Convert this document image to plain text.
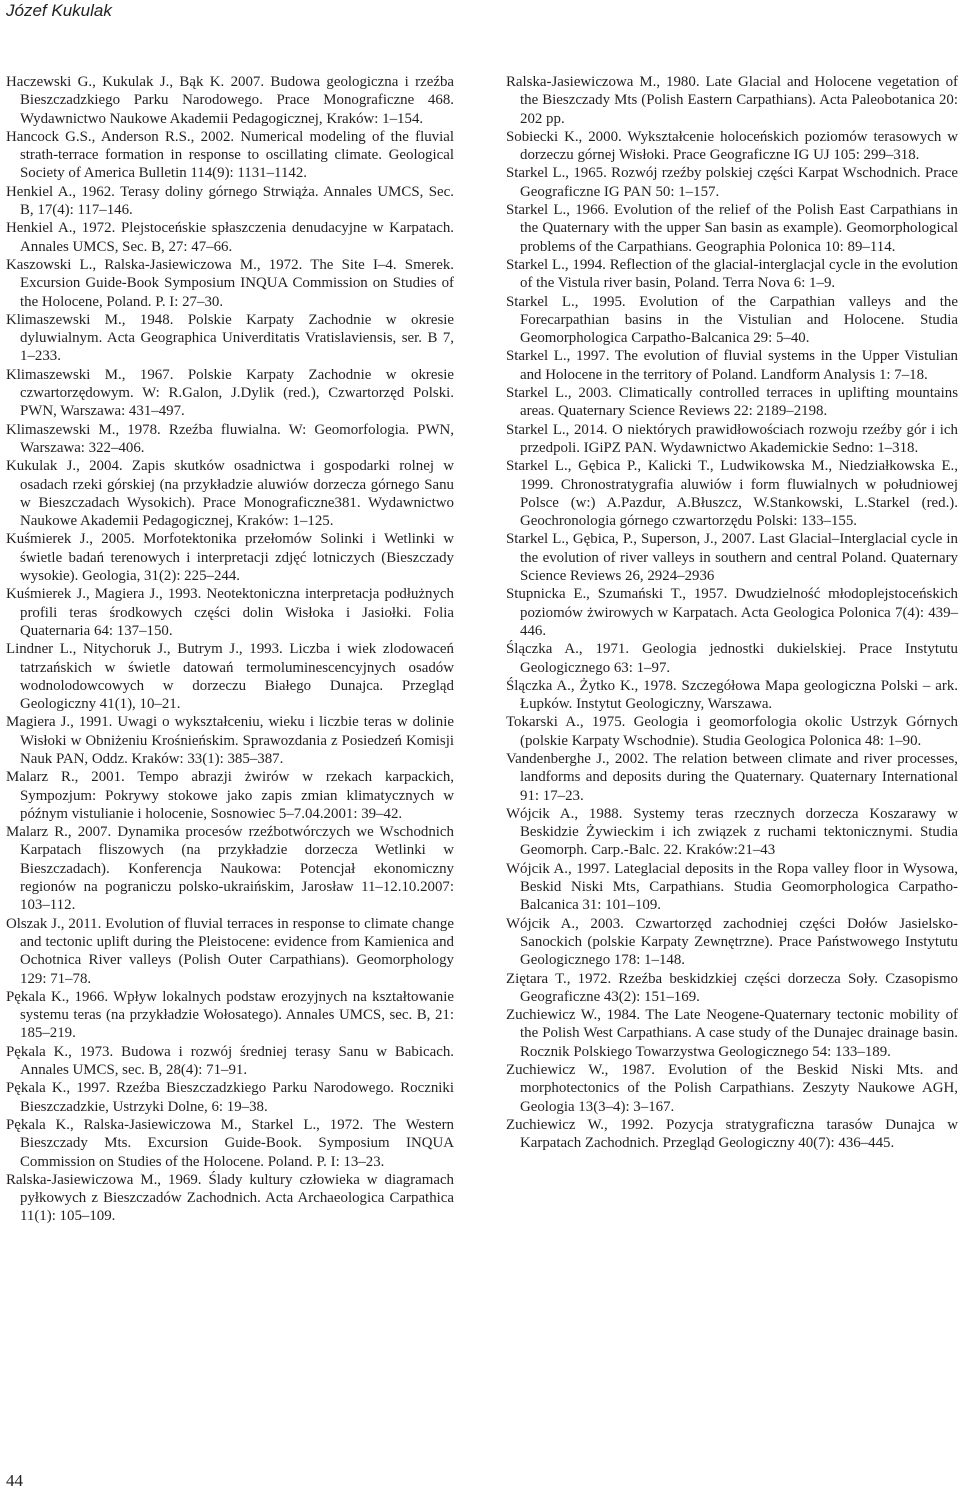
Józef Kukulak

Haczewski G., Kukulak J., Bąk K. 2007. Budowa geologiczna i rzeźba Bieszczadzkiego Parku Narodowego. Prace Monograficzne 468. Wydawnictwo Naukowe Akademii Pedagogicznej, Kraków: 1–154.

Hancock G.S., Anderson R.S., 2002. Numerical modeling of the fluvial strath-terrace formation in response to oscillating climate. Geological Society of America Bulletin 114(9): 1131–1142.

Henkiel A., 1962. Terasy doliny górnego Strwiąża. Annales UMCS, Sec. B, 17(4): 117–146.

Henkiel A., 1972. Plejstoceńskie spłaszczenia denudacyjne w Karpatach. Annales UMCS, Sec. B, 27: 47–66.

Kaszowski L., Ralska-Jasiewiczowa M., 1972. The Site I–4. Smerek. Excursion Guide-Book Symposium INQUA Commission on Studies of the Holocene, Poland. P. I: 27–30.

Klimaszewski M., 1948. Polskie Karpaty Zachodnie w okresie dyluwialnym. Acta Geographica Univerditatis Vratislaviensis, ser. B 7, 1–233.

Klimaszewski M., 1967. Polskie Karpaty Zachodnie w okresie czwartorzędowym. W: R.Galon, J.Dylik (red.), Czwartorzęd Polski. PWN, Warszawa: 431–497.

Klimaszewski M., 1978. Rzeźba fluwialna. W: Geomorfologia. PWN, Warszawa: 322–406.

Kukulak J., 2004. Zapis skutków osadnictwa i gospodarki rolnej w osadach rzeki górskiej (na przykładzie aluwiów dorzecza górnego Sanu w Bieszczadach Wysokich). Prace Monograficzne381. Wydawnictwo Naukowe Akademii Pedagogicznej, Kraków: 1–125.

Kuśmierek J., 2005. Morfotektonika przełomów Solinki i Wetlinki w świetle badań terenowych i interpretacji zdjęć lotniczych (Bieszczady wysokie). Geologia, 31(2): 225–244.

Kuśmierek J., Magiera J., 1993. Neotektoniczna interpretacja podłużnych profili teras środkowych części dolin Wisłoka i Jasiołki. Folia Quaternaria 64: 137–150.

Lindner L., Nitychoruk J., Butrym J., 1993. Liczba i wiek zlodowaceń tatrzańskich w świetle datowań termoluminescencyjnych osadów wodnolodowcowych w dorzeczu Białego Dunajca. Przegląd Geologiczny 41(1), 10–21.

Magiera J., 1991. Uwagi o wykształceniu, wieku i liczbie teras w dolinie Wisłoki w Obniżeniu Krośnieńskim. Sprawozdania z Posiedzeń Komisji Nauk PAN, Oddz. Kraków: 33(1): 385–387.

Malarz R., 2001. Tempo abrazji żwirów w rzekach karpackich, Sympozjum: Pokrywy stokowe jako zapis zmian klimatycznych w późnym vistulianie i holocenie, Sosnowiec 5–7.04.2001: 39–42.

Malarz R., 2007. Dynamika procesów rzeźbotwórczych we Wschodnich Karpatach fliszowych (na przykładzie dorzecza Wetlinki w Bieszczadach). Konferencja Naukowa: Potencjał ekonomiczny regionów na pograniczu polsko-ukraińskim, Jarosław 11–12.10.2007: 103–112.

Olszak J., 2011. Evolution of fluvial terraces in response to climate change and tectonic uplift during the Pleistocene: evidence from Kamienica and Ochotnica River valleys (Polish Outer Carpathians). Geomorphology 129: 71–78.

Pękala K., 1966. Wpływ lokalnych podstaw erozyjnych na kształtowanie systemu teras (na przykładzie Wołosatego). Annales UMCS, sec. B, 21: 185–219.

Pękala K., 1973. Budowa i rozwój średniej terasy Sanu w Babicach. Annales UMCS, sec. B, 28(4): 71–91.

Pękala K., 1997. Rzeźba Bieszczadzkiego Parku Narodowego. Roczniki Bieszczadzkie, Ustrzyki Dolne, 6: 19–38.

Pękala K., Ralska-Jasiewiczowa M., Starkel L., 1972. The Western Bieszczady Mts. Excursion Guide-Book. Symposium INQUA Commission on Studies of the Holocene. Poland. P. I: 13–23.

Ralska-Jasiewiczowa M., 1969. Ślady kultury człowieka w diagramach pyłkowych z Bieszczadów Zachodnich. Acta Archaeologica Carpathica 11(1): 105–109.

Ralska-Jasiewiczowa M., 1980. Late Glacial and Holocene vegetation of the Bieszczady Mts (Polish Eastern Carpathians). Acta Paleobotanica 20: 202 pp.

Sobiecki K., 2000. Wykształcenie holoceńskich poziomów terasowych w dorzeczu górnej Wisłoki. Prace Geograficzne IG UJ 105: 299–318.

Starkel L., 1965. Rozwój rzeźby polskiej części Karpat Wschodnich. Prace Geograficzne IG PAN 50: 1–157.

Starkel L., 1966. Evolution of the relief of the Polish East Carpathians in the Quaternary with the upper San basin as example). Geomorphological problems of the Carpathians. Geographia Polonica 10: 89–114.

Starkel L., 1994. Reflection of the glacial-interglacjal cycle in the evolution of the Vistula river basin, Poland. Terra Nova 6: 1–9.

Starkel L., 1995. Evolution of the Carpathian valleys and the Forecarpathian basins in the Vistulian and Holocene. Studia Geomorphologica Carpatho-Balcanica 29: 5–40.

Starkel L., 1997. The evolution of fluvial systems in the Upper Vistulian and Holocene in the territory of Poland. Landform Analysis 1: 7–18.

Starkel L., 2003. Climatically controlled terraces in uplifting mountains areas. Quaternary Science Reviews 22: 2189–2198.

Starkel L., 2014. O niektórych prawidłowościach rozwoju rzeźby gór i ich przedpoli. IGiPZ PAN. Wydawnictwo Akademickie Sedno: 1–318.

Starkel L., Gębica P., Kalicki T., Ludwikowska M., Niedziałkowska E., 1999. Chronostratygrafia aluwiów i form fluwialnych w południowej Polsce (w:) A.Pazdur, A.Błuszcz, W.Stankowski, L.Starkel (red.). Geochronologia górnego czwartorzędu Polski: 133–155.

Starkel L., Gębica, P., Superson, J., 2007. Last Glacial–Interglacial cycle in the evolution of river valleys in southern and central Poland. Quaternary Science Reviews 26, 2924–2936

Stupnicka E., Szumański T., 1957. Dwudzielność młodoplejstoceńskich poziomów żwirowych w Karpatach. Acta Geologica Polonica 7(4): 439–446.

Ślączka A., 1971. Geologia jednostki dukielskiej. Prace Instytutu Geologicznego 63: 1–97.

Ślączka A., Żytko K., 1978. Szczegółowa Mapa geologiczna Polski – ark. Łupków. Instytut Geologiczny, Warszawa.

Tokarski A., 1975. Geologia i geomorfologia okolic Ustrzyk Górnych (polskie Karpaty Wschodnie). Studia Geologica Polonica 48: 1–90.

Vandenberghe J., 2002. The relation between climate and river processes, landforms and deposits during the Quaternary. Quaternary International 91: 17–23.

Wójcik A., 1988. Systemy teras rzecznych dorzecza Koszarawy w Beskidzie Żywieckim i ich związek z ruchami tektonicznymi. Studia Geomorph. Carp.-Balc. 22. Kraków:21–43

Wójcik A., 1997. Lateglacial deposits in the Ropa valley floor in Wysowa, Beskid Niski Mts, Carpathians. Studia Geomorphologica Carpatho-Balcanica 31: 101–109.

Wójcik A., 2003. Czwartorzęd zachodniej części Dołów Jasielsko-Sanockich (polskie Karpaty Zewnętrzne). Prace Państwowego Instytutu Geologicznego 178: 1–148.

Ziętara T., 1972. Rzeźba beskidzkiej części dorzecza Soły. Czasopismo Geograficzne 43(2): 151–169.

Zuchiewicz W., 1984. The Late Neogene-Quaternary tectonic mobility of the Polish West Carpathians. A case study of the Dunajec drainage basin. Rocznik Polskiego Towarzystwa Geologicznego 54: 133–189.

Zuchiewicz W., 1987. Evolution of the Beskid Niski Mts. and morphotectonics of the Polish Carpathians. Zeszyty Naukowe AGH, Geologia 13(3–4): 3–167.

Zuchiewicz W., 1992. Pozycja stratygraficzna tarasów Dunajca w Karpatach Zachodnich. Przegląd Geologiczny 40(7): 436–445.

44
